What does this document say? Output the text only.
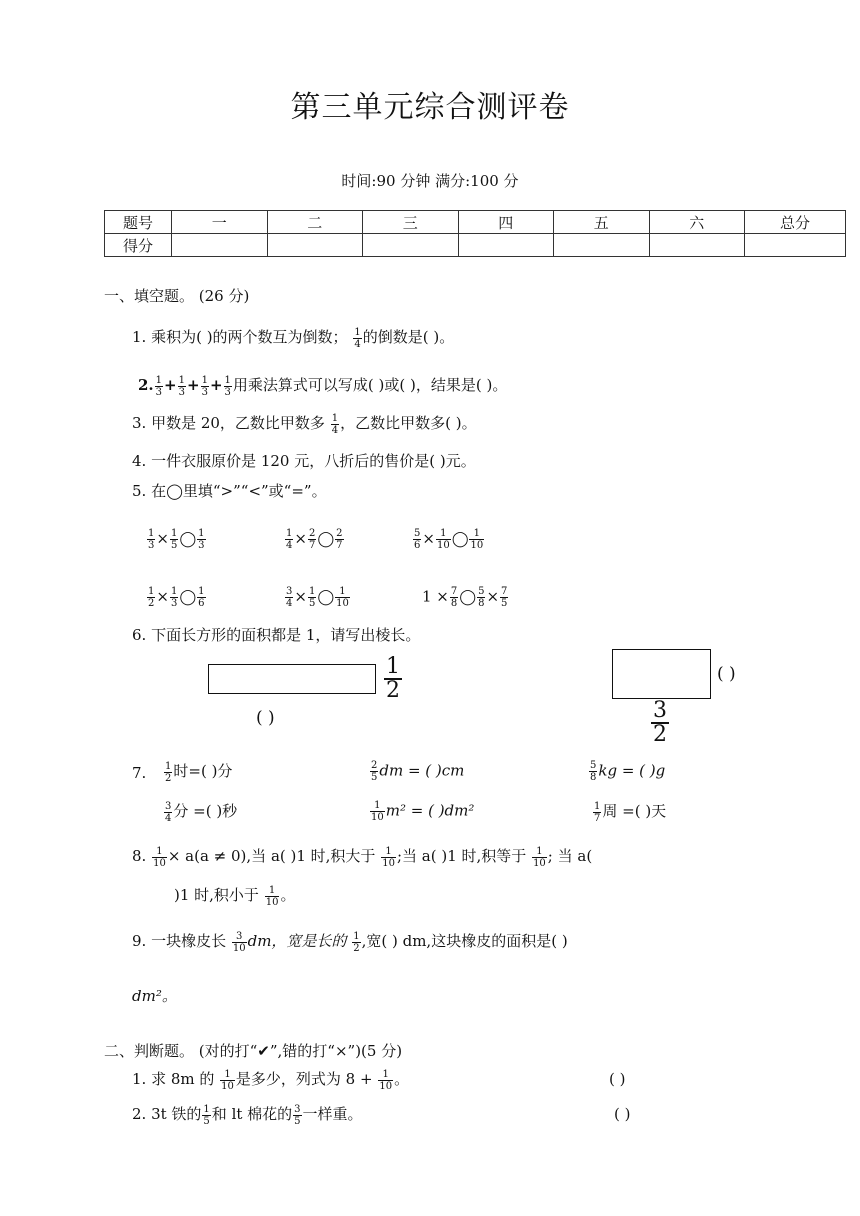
第三单元综合测评卷
时间:90 分钟 满分:100 分
题号	一	二	三	四	五	六	总分
得分							
一、填空题。 (26 分)
1. 乘积为( )的两个数互为倒数； $\frac{1}{4}$ 的倒数是( )。
2. $\frac{1}{3} + \frac{1}{3} + \frac{1}{3} + \frac{1}{3}$ 用乘法算式可以写成( )或( )，结果是( )。
3. 甲数是 20，乙数比甲数多 $\frac{1}{4}$ ，乙数比甲数多( )。
4. 一件衣服原价是 120 元，八折后的售价是( )元。
5. 在◯里填“>”“<”或“=”。
$\frac{1}{3} \times \frac{1}{5}$ ◯ $\frac{1}{3}$	$\frac{1}{4} \times \frac{2}{7}$ ◯ $\frac{2}{7}$	$\frac{5}{6} \times \frac{1}{10}$ ◯ $\frac{1}{10}$
$\frac{1}{2} \times \frac{1}{3}$ ◯ $\frac{1}{6}$	$\frac{3}{4} \times \frac{1}{5}$ ◯ $\frac{1}{10}$	$1 \times \frac{7}{8}$ ◯ $\frac{5}{8} \times \frac{7}{5}$
6. 下面长方形的面积都是 1，请写出棱长。
1
2
( )
( )
3
2
7. $\frac{1}{2}$ 时=( )分	$\frac{2}{5}$ dm = ( )cm	$\frac{5}{8}$ kg = ( )g
$\frac{3}{4}$ 分 =( )秒	$\frac{1}{10} m^2$ = ( )dm²	$\frac{1}{7}$ 周 =( )天
8. $\frac{1}{10} \times a(a \ne 0)$,当 a( )1 时,积大于 $\frac{1}{10}$ ;当 a( )1 时,积等于 $\frac{1}{10}$ ; 当 a(
)1 时,积小于 $\frac{1}{10}$ 。
9. 一块橡皮长 $\frac{3}{10}$ dm，宽是长的 $\frac{1}{2}$ ,宽( ) dm,这块橡皮的面积是( )
dm²。
二、判断题。 (对的打“✔”,错的打“×”)(5 分)
1. 求 8m 的 $\frac{1}{10}$ 是多少，列式为 $8 + \frac{1}{10}$ 。	( )
2. 3t 铁的 $\frac{1}{5}$ 和 lt 棉花的 $\frac{3}{5}$ 一样重。	( )
